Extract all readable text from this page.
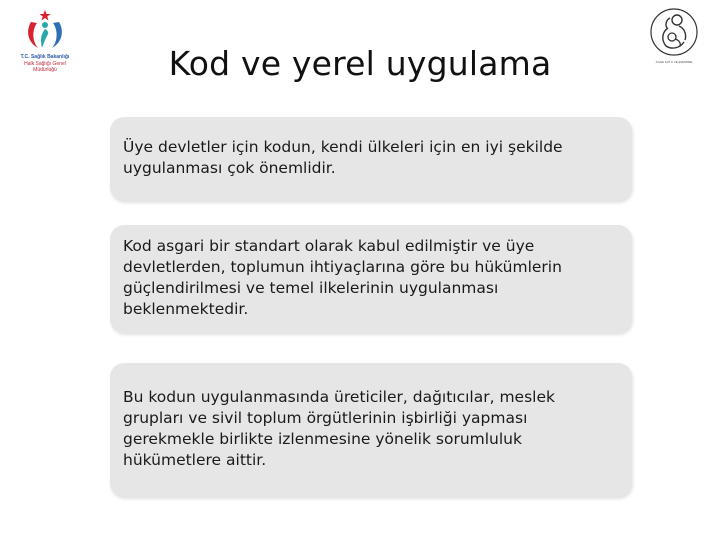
T.C. Sağlık Bakanlığı
Halk Sağlığı Genel Müdürlüğü
ANNE SÜTÜ VE EMZİRME
Kod ve yerel uygulama

Üye devletler için kodun, kendi ülkeleri için en iyi şekilde uygulanması çok önemlidir.

Kod asgari bir standart olarak kabul edilmiştir ve üye devletlerden, toplumun ihtiyaçlarına göre bu hükümlerin güçlendirilmesi ve temel ilkelerinin uygulanması beklenmektedir.

Bu kodun uygulanmasında üreticiler, dağıtıcılar, meslek grupları ve sivil toplum örgütlerinin işbirliği yapması gerekmekle birlikte izlenmesine yönelik sorumluluk hükümetlere aittir.
